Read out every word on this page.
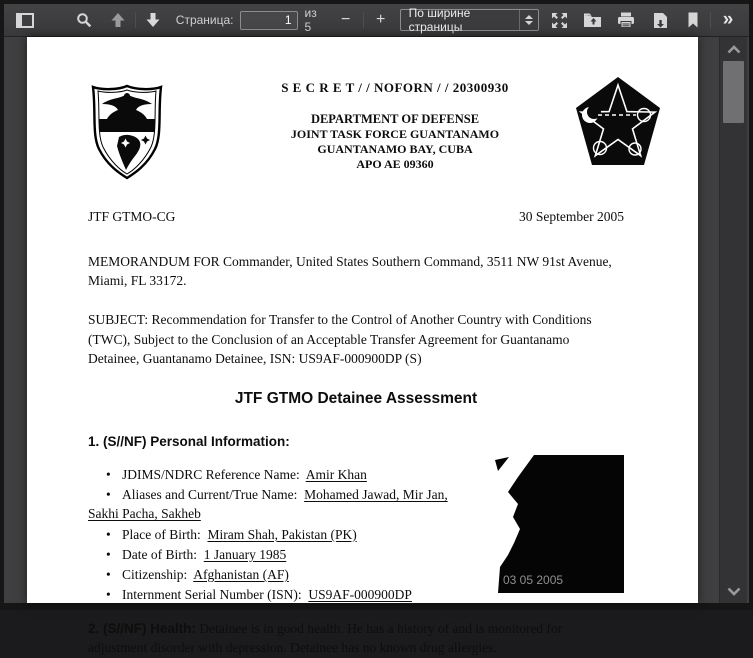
Страница:
1	из 5	− +	По ширине страницы	»
S E C R E T / / NOFORN / / 20300930
DEPARTMENT OF DEFENSE
JOINT TASK FORCE GUANTANAMO
GUANTANAMO BAY, CUBA
APO AE 09360
JTF GTMO-CG	30 September 2005

MEMORANDUM FOR Commander, United States Southern Command, 3511 NW 91st Avenue, Miami, FL 33172.

SUBJECT: Recommendation for Transfer to the Control of Another Country with Conditions (TWC), Subject to the Conclusion of an Acceptable Transfer Agreement for Guantanamo Detainee, Guantanamo Detainee, ISN: US9AF-000900DP (S)

JTF GTMO Detainee Assessment
1. (S//NF) Personal Information:
• JDIMS/NDRC Reference Name: Amir Khan
• Aliases and Current/True Name: Mohamed Jawad, Mir Jan, Sakhi Pacha, Sakheb
• Place of Birth: Miram Shah, Pakistan (PK)
• Date of Birth: 1 January 1985
• Citizenship: Afghanistan (AF)
• Internment Serial Number (ISN): US9AF-000900DP
03 05 2005

2. (S//NF) Health: Detainee is in good health. He has a history of and is monitored for adjustment disorder with depression. Detainee has no known drug allergies.
